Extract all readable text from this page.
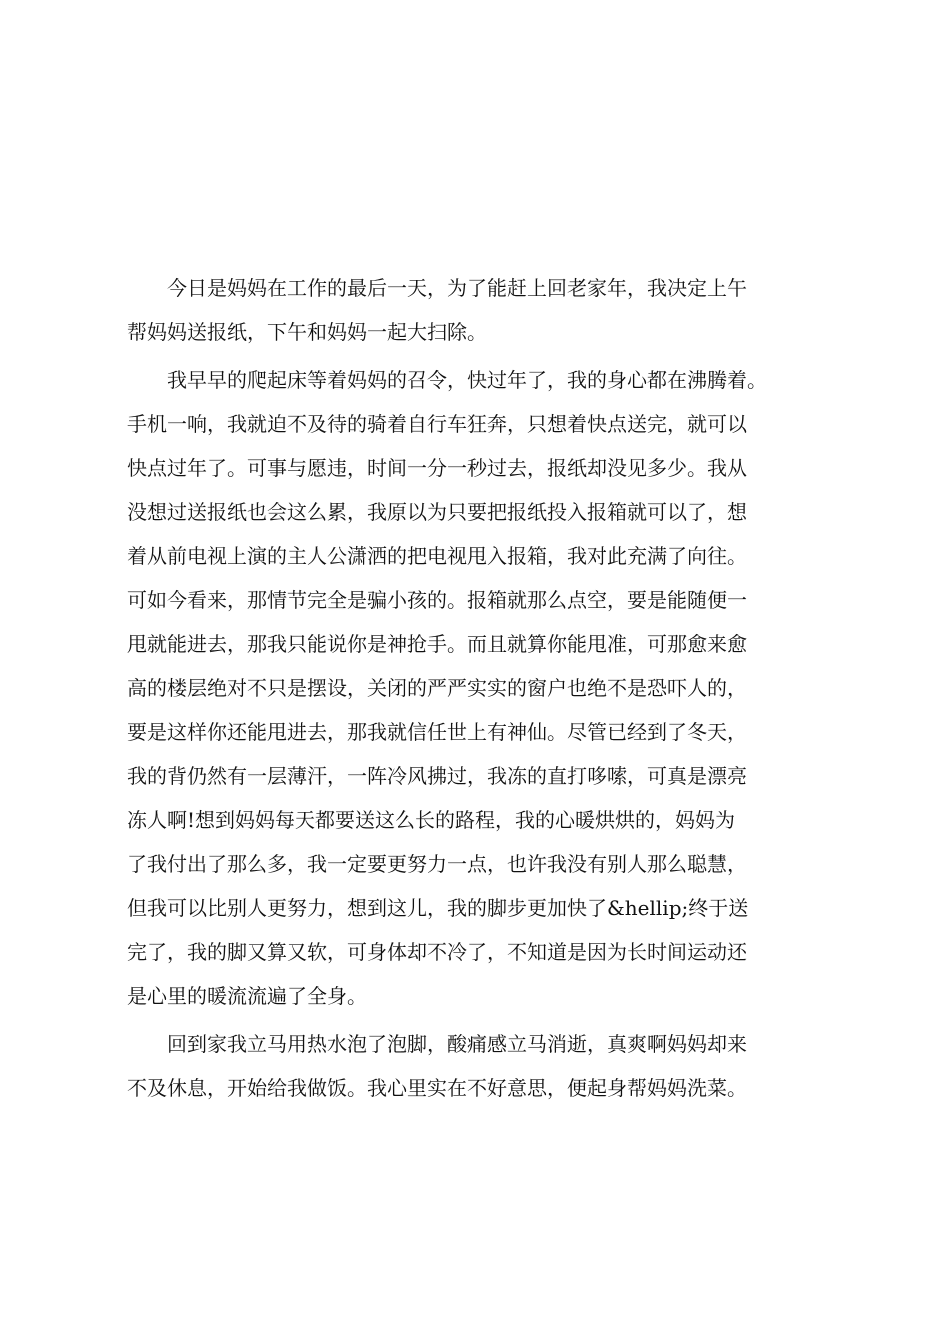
　　今日是妈妈在工作的最后一天，为了能赶上回老家年，我决定上午
帮妈妈送报纸，下午和妈妈一起大扫除。
　　我早早的爬起床等着妈妈的召令，快过年了，我的身心都在沸腾着。
手机一响，我就迫不及待的骑着自行车狂奔，只想着快点送完，就可以
快点过年了。可事与愿违，时间一分一秒过去，报纸却没见多少。我从
没想过送报纸也会这么累，我原以为只要把报纸投入报箱就可以了，想
着从前电视上演的主人公潇洒的把电视甩入报箱，我对此充满了向往。
可如今看来，那情节完全是骗小孩的。报箱就那么点空，要是能随便一
甩就能进去，那我只能说你是神抢手。而且就算你能甩准，可那愈来愈
高的楼层绝对不只是摆设，关闭的严严实实的窗户也绝不是恐吓人的，
要是这样你还能甩进去，那我就信任世上有神仙。尽管已经到了冬天，
我的背仍然有一层薄汗，一阵冷风拂过，我冻的直打哆嗦，可真是漂亮
冻人啊!想到妈妈每天都要送这么长的路程，我的心暖烘烘的，妈妈为
了我付出了那么多，我一定要更努力一点，也许我没有别人那么聪慧，
但我可以比别人更努力，想到这儿，我的脚步更加快了&hellip;终于送
完了，我的脚又算又软，可身体却不冷了，不知道是因为长时间运动还
是心里的暖流流遍了全身。
　　回到家我立马用热水泡了泡脚，酸痛感立马消逝，真爽啊妈妈却来
不及休息，开始给我做饭。我心里实在不好意思，便起身帮妈妈洗菜。
